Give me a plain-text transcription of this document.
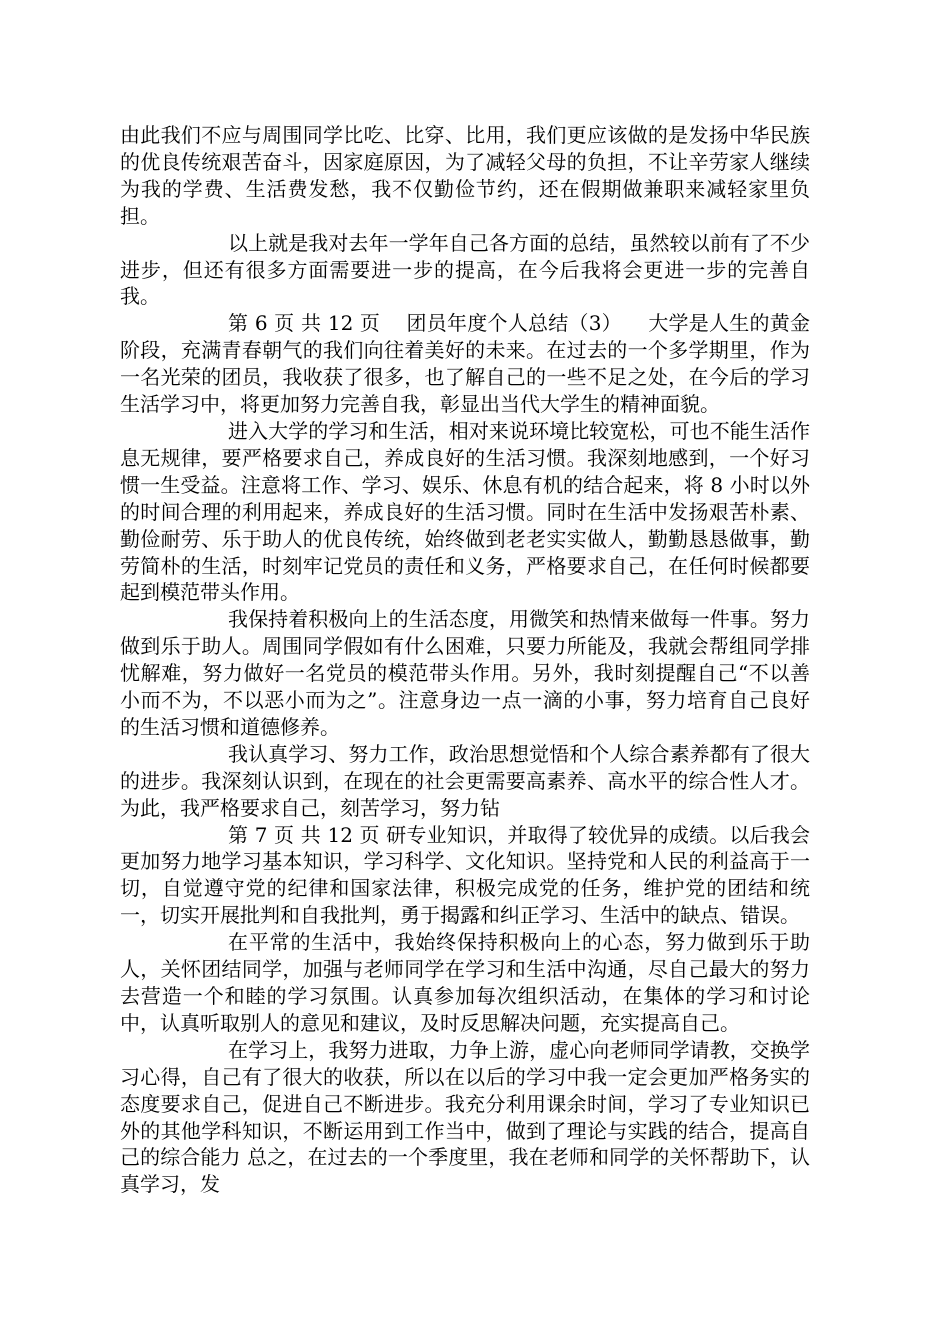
由此我们不应与周围同学比吃、比穿、比用，我们更应该做的是发扬中华民族的优良传统艰苦奋斗，因家庭原因，为了减轻父母的负担，不让辛劳家人继续为我的学费、生活费发愁，我不仅勤俭节约，还在假期做兼职来减轻家里负担。

以上就是我对去年一学年自己各方面的总结，虽然较以前有了不少进步，但还有很多方面需要进一步的提高，在今后我将会更进一步的完善自我。

第 6 页 共 12 页    团员年度个人总结（3）    大学是人生的黄金阶段，充满青春朝气的我们向往着美好的未来。在过去的一个多学期里，作为一名光荣的团员，我收获了很多，也了解自己的一些不足之处，在今后的学习生活学习中，将更加努力完善自我，彰显出当代大学生的精神面貌。

进入大学的学习和生活，相对来说环境比较宽松，可也不能生活作息无规律，要严格要求自己，养成良好的生活习惯。我深刻地感到，一个好习惯一生受益。注意将工作、学习、娱乐、休息有机的结合起来，将 8 小时以外的时间合理的利用起来，养成良好的生活习惯。同时在生活中发扬艰苦朴素、勤俭耐劳、乐于助人的优良传统，始终做到老老实实做人，勤勤恳恳做事，勤劳简朴的生活，时刻牢记党员的责任和义务，严格要求自己，在任何时候都要起到模范带头作用。

我保持着积极向上的生活态度，用微笑和热情来做每一件事。努力做到乐于助人。周围同学假如有什么困难，只要力所能及，我就会帮组同学排忧解难，努力做好一名党员的模范带头作用。另外，我时刻提醒自己“不以善小而不为，不以恶小而为之”。注意身边一点一滴的小事，努力培育自己良好的生活习惯和道德修养。

我认真学习、努力工作，政治思想觉悟和个人综合素养都有了很大的进步。我深刻认识到，在现在的社会更需要高素养、高水平的综合性人才。为此，我严格要求自己，刻苦学习，努力钻

第 7 页 共 12 页 研专业知识，并取得了较优异的成绩。以后我会更加努力地学习基本知识，学习科学、文化知识。坚持党和人民的利益高于一切，自觉遵守党的纪律和国家法律，积极完成党的任务，维护党的团结和统一，切实开展批判和自我批判，勇于揭露和纠正学习、生活中的缺点、错误。

在平常的生活中，我始终保持积极向上的心态，努力做到乐于助人，关怀团结同学，加强与老师同学在学习和生活中沟通，尽自己最大的努力去营造一个和睦的学习氛围。认真参加每次组织活动，在集体的学习和讨论中，认真听取别人的意见和建议，及时反思解决问题，充实提高自己。

在学习上，我努力进取，力争上游，虚心向老师同学请教，交换学习心得，自己有了很大的收获，所以在以后的学习中我一定会更加严格务实的态度要求自己，促进自己不断进步。我充分利用课余时间，学习了专业知识已外的其他学科知识，不断运用到工作当中，做到了理论与实践的结合，提高自己的综合能力 总之，在过去的一个季度里，我在老师和同学的关怀帮助下，认真学习，发
